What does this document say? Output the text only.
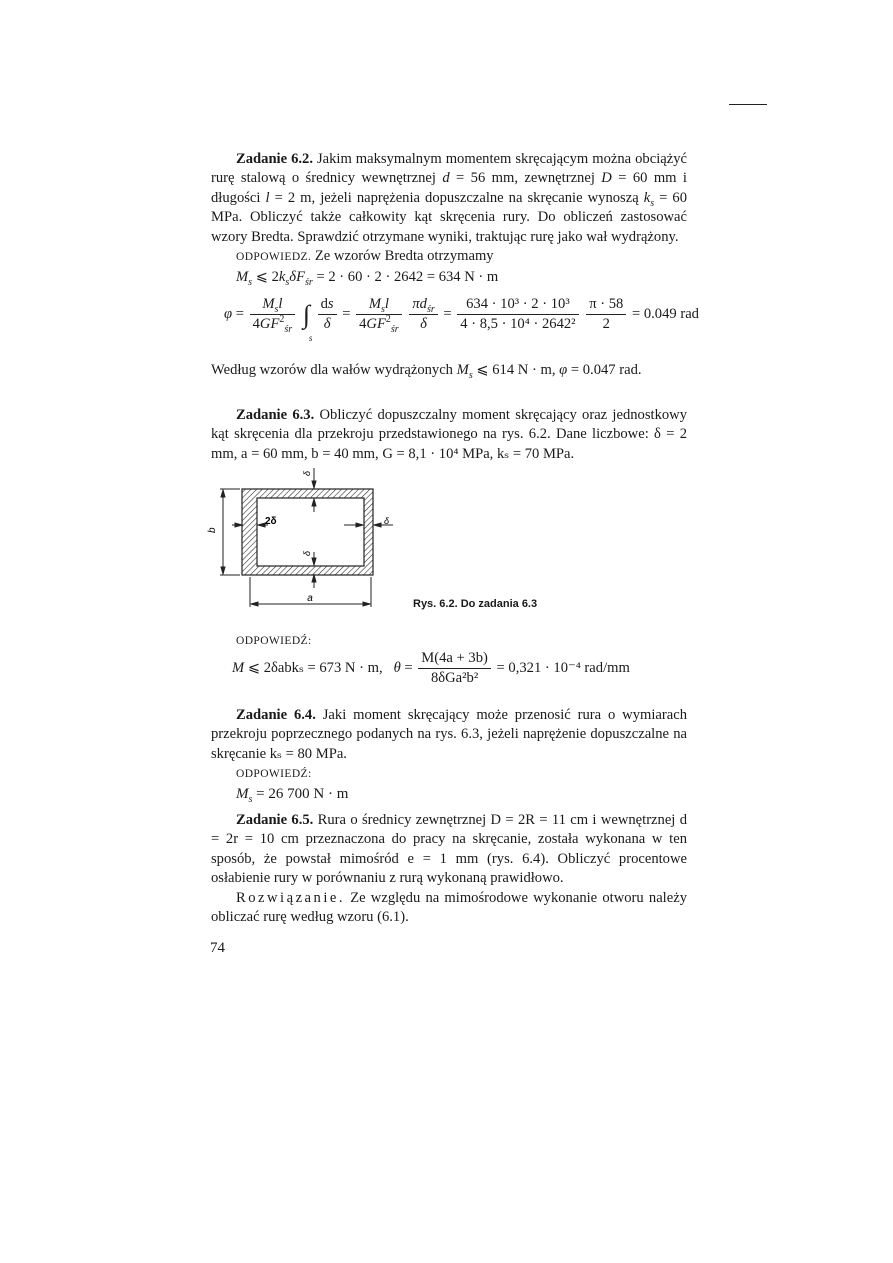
Zadanie 6.2. Jakim maksymalnym momentem skręcającym można obciążyć rurę stalową o średnicy wewnętrznej d = 56 mm, zewnętrznej D = 60 mm i długości l = 2 m, jeżeli naprężenia dopuszczalne na skręcanie wynoszą $k_s = 60$ MPa. Obliczyć także całkowity kąt skręcenia rury. Do obliczeń zastosować wzory Bredta. Sprawdzić otrzymane wyniki, traktując rurę jako wał wydrążony.

ODPOWIEDZ. Ze wzorów Bredta otrzymamy

$M_s$ ⩽ $2k_s\delta F_{śr} = 2 \cdot 60 \cdot 2 \cdot 2642 = 634$ N · m
$\varphi = \frac{M_sl}{4GF^2_{śr}}$ ∫
s

$\frac{ds}{\delta} = \frac{M_sl}{4GF^2_{śr}}$
$\frac{\pi d_{śr}}{\delta} = \frac{\text{634 · 10³ · 2 · 10³}}{\text{4 · 8,5 · 10⁴ · 2642²}}$
$\frac{\pi \cdot 58}{2} = 0.049$ rad

Według wzorów dla wałów wydrążonych $M_s$ ⩽ 614 N · m, φ = 0.047 rad.

Zadanie 6.3. Obliczyć dopuszczalny moment skręcający oraz jednostkowy kąt skręcenia dla przekroju przedstawionego na rys. 6.2. Dane liczbowe: δ = 2 mm, a = 60 mm, b = 40 mm, G = 8,1 · 10⁴ MPa, kₛ = 70 MPa.

b
a
δ
2δ	δ
δ
Rys. 6.2. Do zadania 6.3

ODPOWIEDŹ:

M ⩽ 2δabkₛ = 673 N · m, $\theta = \frac{M(4a + 3b)}{\text{8δGa²b²}} = 0,321 \cdot 10^{-4}$ rad/mm

Zadanie 6.4. Jaki moment skręcający może przenosić rura o wymiarach przekroju poprzecznego podanych na rys. 6.3, jeżeli naprężenie dopuszczalne na skręcanie kₛ = 80 MPa.

ODPOWIEDŹ:

$M_s = 26$ 700 N · m

Zadanie 6.5. Rura o średnicy zewnętrznej D = 2R = 11 cm i wewnętrznej d = 2r = 10 cm przeznaczona do pracy na skręcanie, została wykonana w ten sposób, że powstał mimośród e = 1 mm (rys. 6.4). Obliczyć procentowe osłabienie rury w porównaniu z rurą wykonaną prawidłowo.

Rozwiązanie. Ze względu na mimośrodowe wykonanie otworu należy obliczać rurę według wzoru (6.1).

74
